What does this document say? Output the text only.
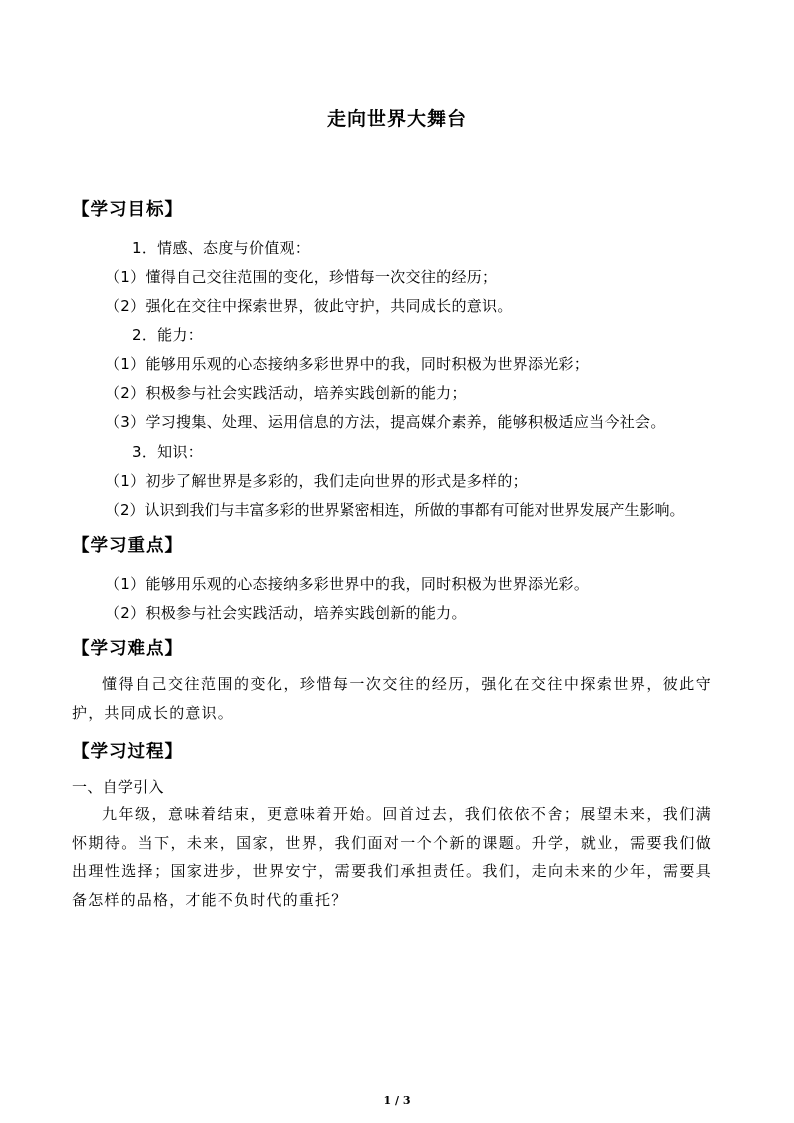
走向世界大舞台
【学习目标】
1．情感、态度与价值观：
（1）懂得自己交往范围的变化，珍惜每一次交往的经历；
（2）强化在交往中探索世界，彼此守护，共同成长的意识。
2．能力：
（1）能够用乐观的心态接纳多彩世界中的我，同时积极为世界添光彩；
（2）积极参与社会实践活动，培养实践创新的能力；
（3）学习搜集、处理、运用信息的方法，提高媒介素养，能够积极适应当今社会。
3．知识：
（1）初步了解世界是多彩的，我们走向世界的形式是多样的；
（2）认识到我们与丰富多彩的世界紧密相连，所做的事都有可能对世界发展产生影响。
【学习重点】
（1）能够用乐观的心态接纳多彩世界中的我，同时积极为世界添光彩。
（2）积极参与社会实践活动，培养实践创新的能力。
【学习难点】
懂得自己交往范围的变化，珍惜每一次交往的经历，强化在交往中探索世界，彼此守护，共同成长的意识。
【学习过程】
一、自学引入
九年级，意味着结束，更意味着开始。回首过去，我们依依不舍；展望未来，我们满怀期待。当下，未来，国家，世界，我们面对一个个新的课题。升学，就业，需要我们做出理性选择；国家进步，世界安宁，需要我们承担责任。我们，走向未来的少年，需要具备怎样的品格，才能不负时代的重托？
1 / 3
